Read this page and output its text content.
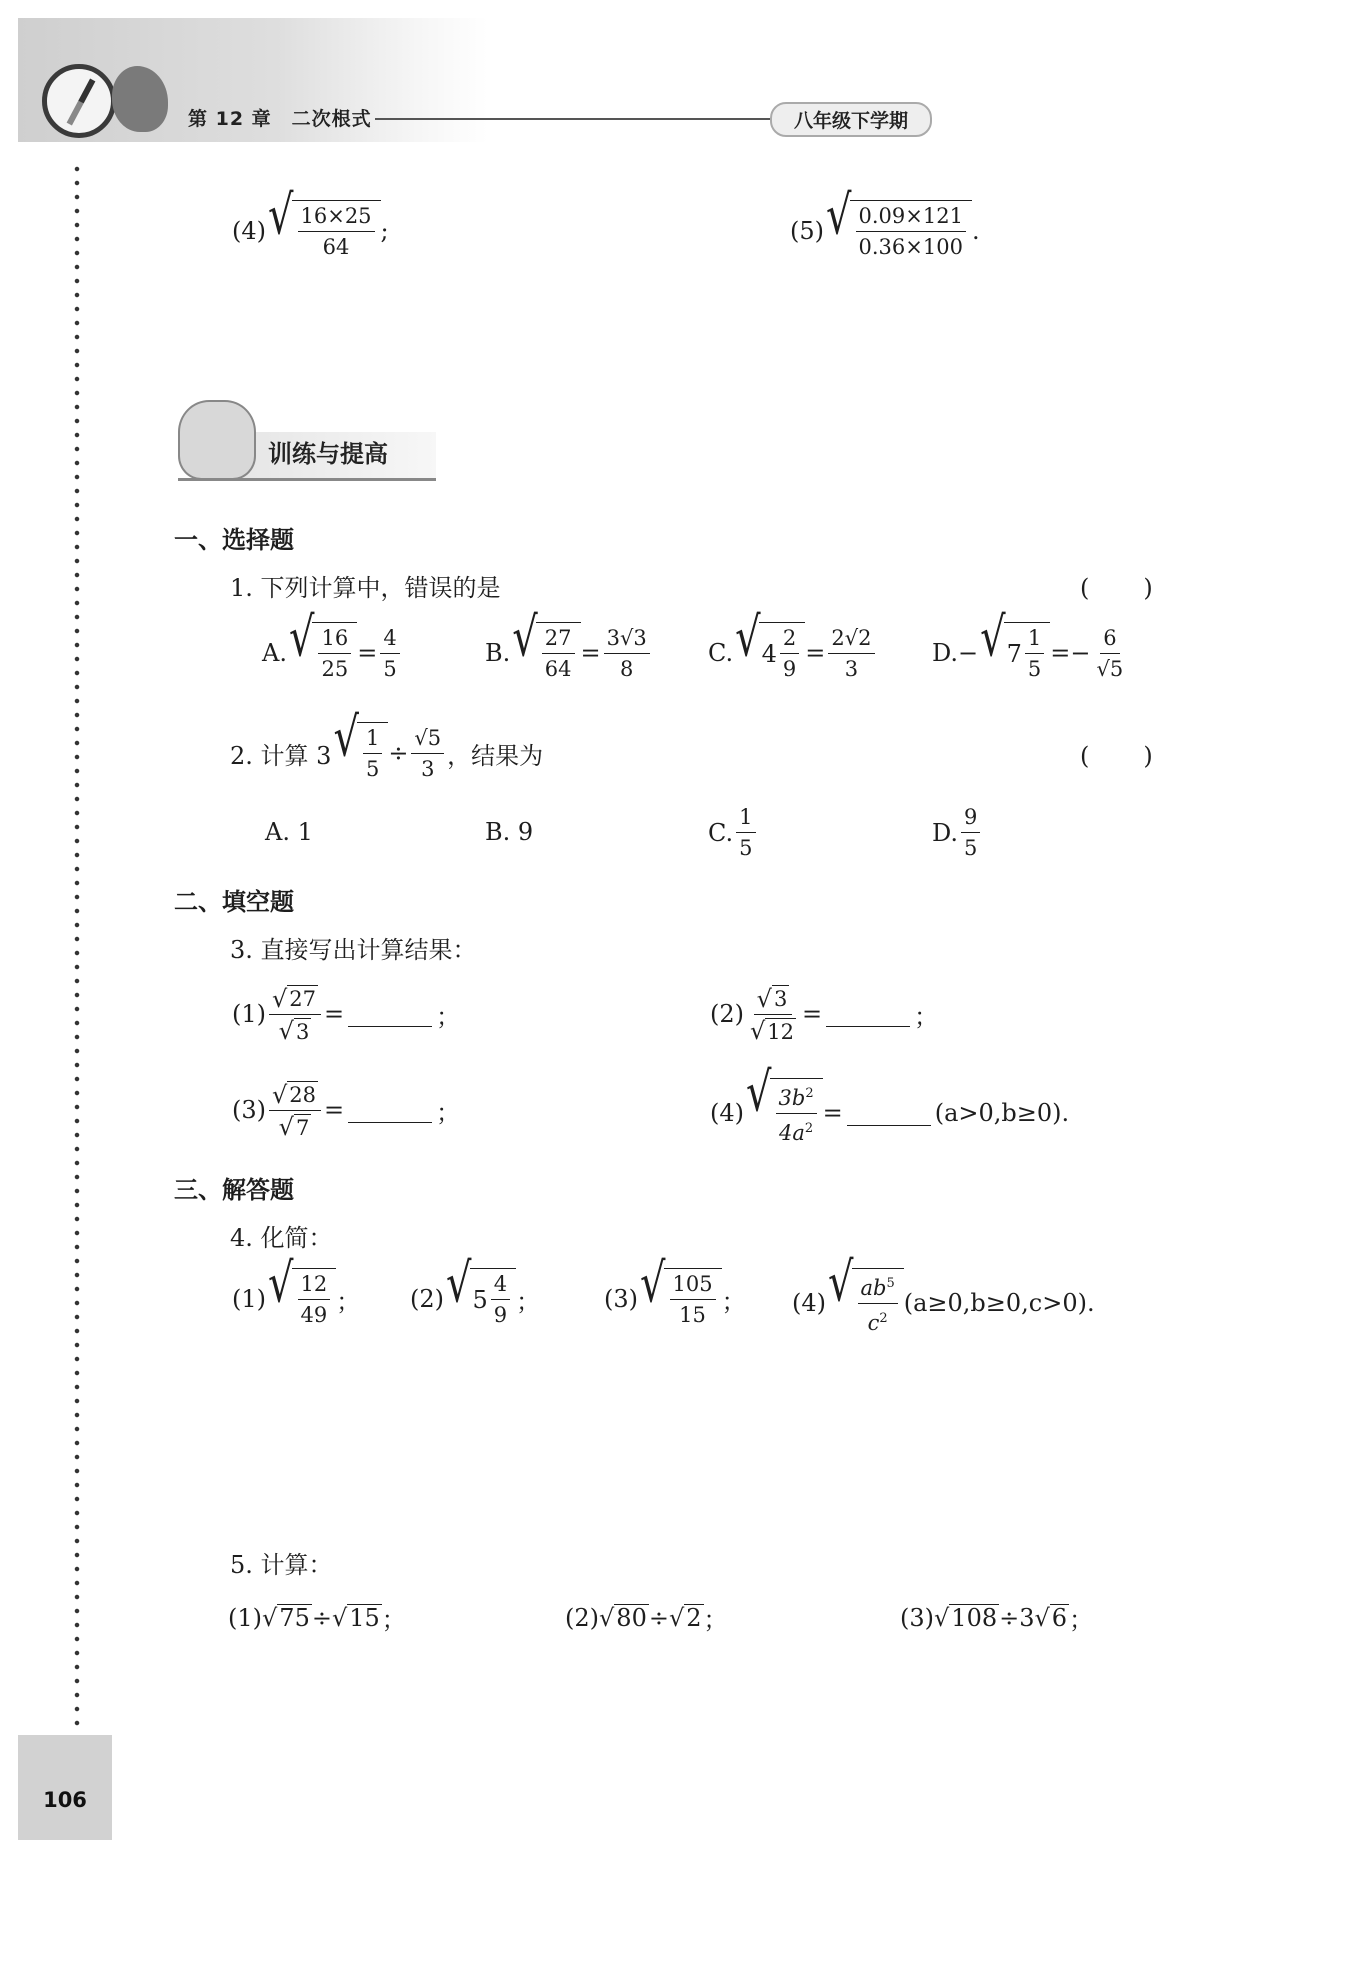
第 12 章　二次根式	八年级下学期
106
(4) √ 16×25
64
;	(5) √ 0.09×121
0.36×100
.
训练与提高
一、选择题
1. 下列计算中，错误的是	(　　)
A. √ 16
25
= $\frac{4}{5}$	B. √ 27
64
= $\frac{3√3}{8} C$. √ 4
2
9
= $\frac{2√2}{3} D$. − √ 7
1
5
=− $\frac{6}{√5}$
2. 计算 3 √ 1
5
÷ $\frac{√5}{3}$ ，结果为	(　　)
A. 1	B. 9	C.
1
5
D.
9
5
二、填空题
3. 直接写出计算结果：
$(1) \frac{√ 27}{√ 3}$ =	；	$(2) \frac{√ 3}{√ 12}$ =	；
$(3) \frac{√ 28}{√ 7}$ =	；	(4) √ $3b^2$
$4a^2$
=	(a>0,b≥0).
三、解答题
4. 化简：
(1) √ 12
49 ； (2) √ 5
4
9 ；	(3) √ 105
15 ； (4) √ $ab^5$
$c^2$
(a≥0,b≥0,c>0).
5. 计算：
(1) √ 75 ÷ √ 15 ；	(2) √ 80 ÷ √ 2 ；	(3) √ 108 ÷3 √ 6 ；
